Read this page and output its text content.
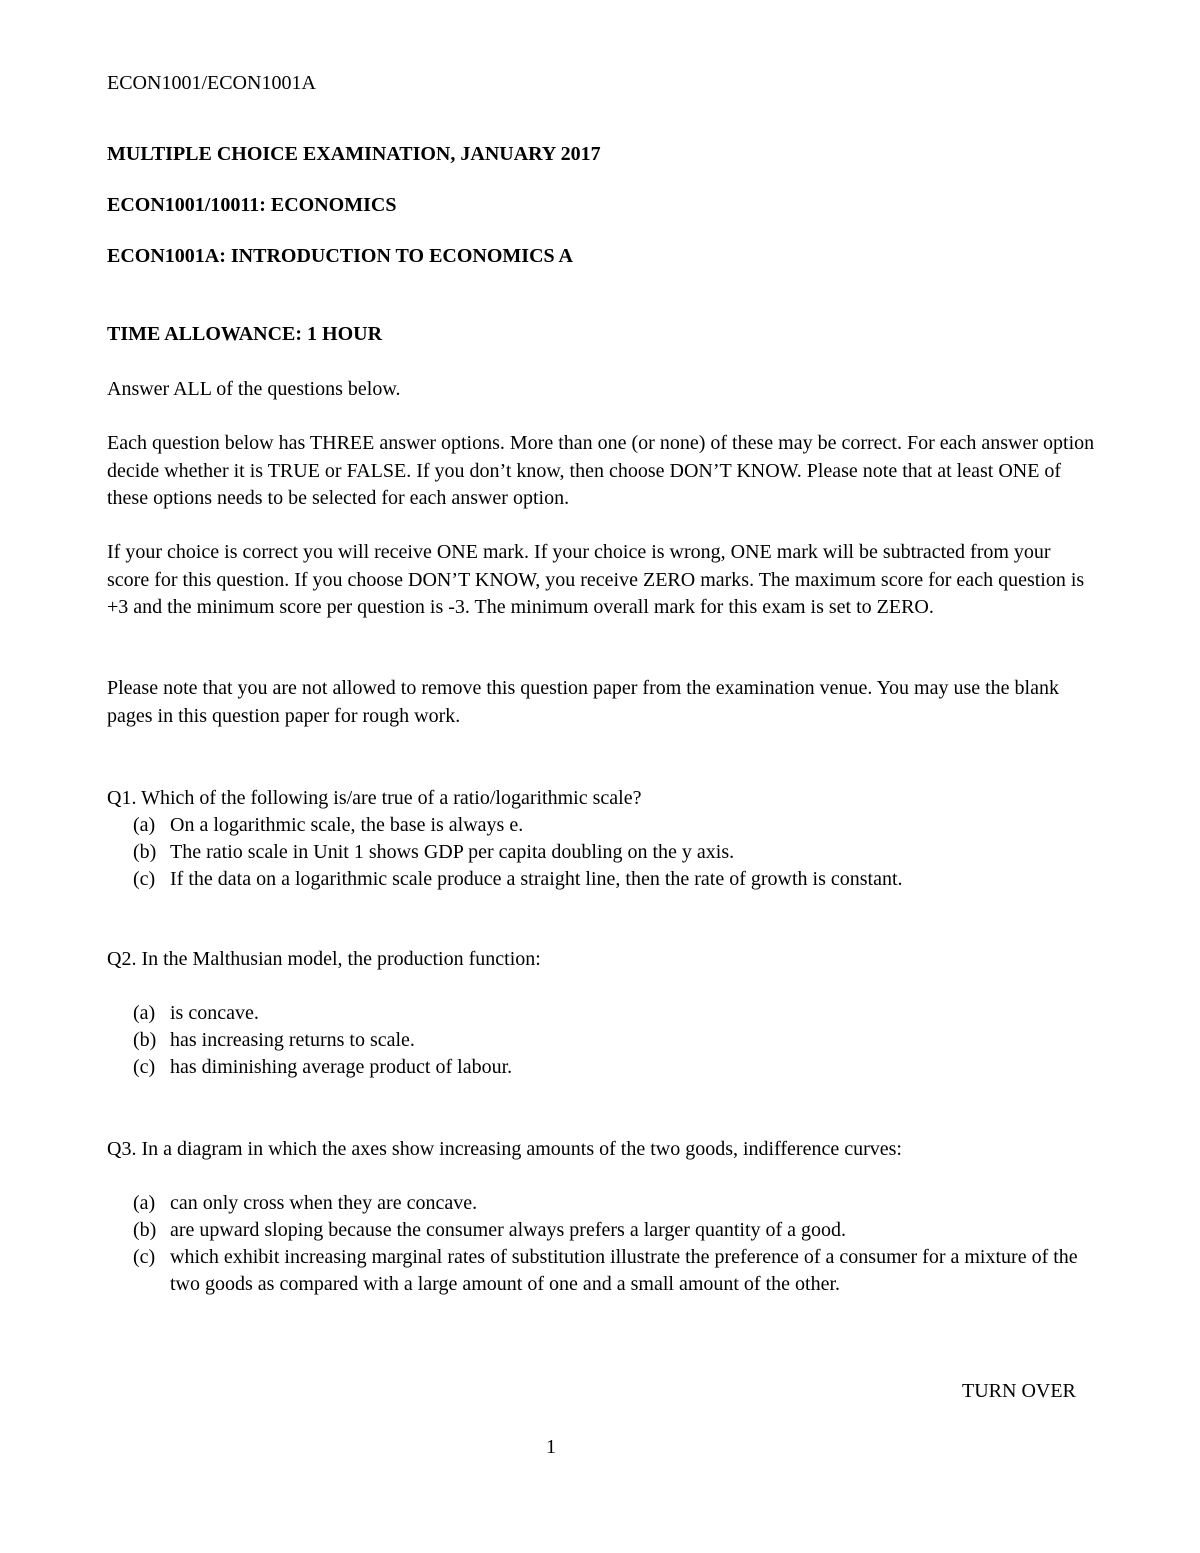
ECON1001/ECON1001A
MULTIPLE CHOICE EXAMINATION, JANUARY 2017
ECON1001/10011: ECONOMICS
ECON1001A: INTRODUCTION TO ECONOMICS A
TIME ALLOWANCE: 1 HOUR
Answer ALL of the questions below.
Each question below has THREE answer options. More than one (or none) of these may be correct. For each answer option decide whether it is TRUE or FALSE. If you don’t know, then choose DON’T KNOW. Please note that at least ONE of these options needs to be selected for each answer option.
If your choice is correct you will receive ONE mark. If your choice is wrong, ONE mark will be subtracted from your score for this question. If you choose DON’T KNOW, you receive ZERO marks. The maximum score for each question is +3 and the minimum score per question is -3. The minimum overall mark for this exam is set to ZERO.
Please note that you are not allowed to remove this question paper from the examination venue. You may use the blank pages in this question paper for rough work.
Q1. Which of the following is/are true of a ratio/logarithmic scale?
(a) On a logarithmic scale, the base is always e.
(b) The ratio scale in Unit 1 shows GDP per capita doubling on the y axis.
(c) If the data on a logarithmic scale produce a straight line, then the rate of growth is constant.
Q2. In the Malthusian model, the production function:
(a) is concave.
(b) has increasing returns to scale.
(c) has diminishing average product of labour.
Q3. In a diagram in which the axes show increasing amounts of the two goods, indifference curves:
(a) can only cross when they are concave.
(b) are upward sloping because the consumer always prefers a larger quantity of a good.
(c) which exhibit increasing marginal rates of substitution illustrate the preference of a consumer for a mixture of the two goods as compared with a large amount of one and a small amount of the other.
TURN OVER
1
